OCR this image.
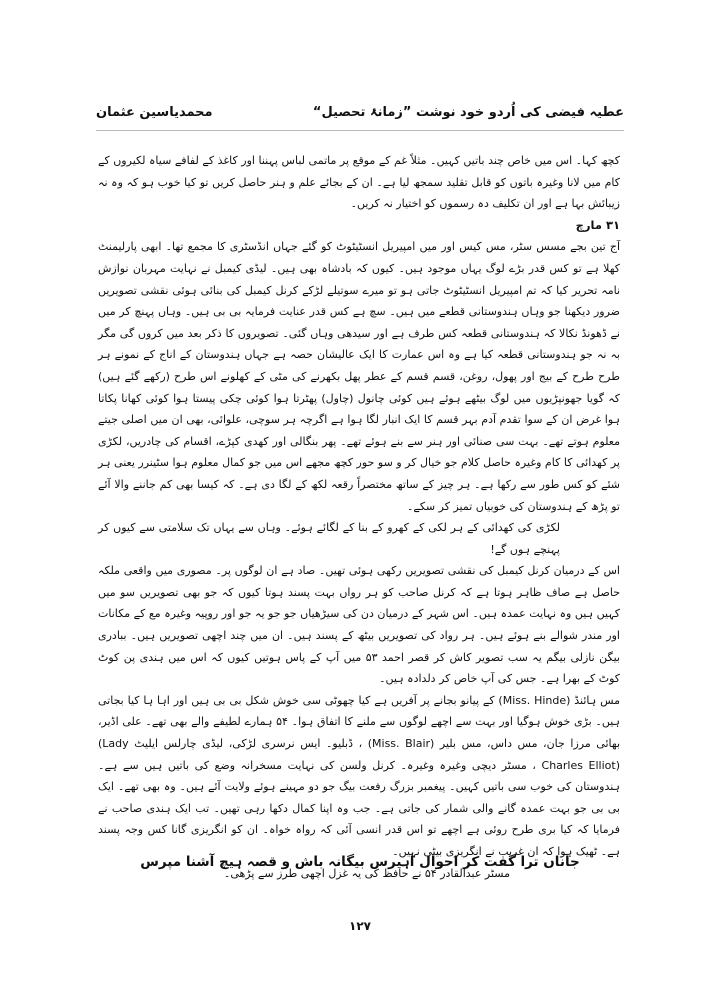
عطیہ فیضی کی اُردو خود نوشت ”زمانۂ تحصیل“
محمدیاسین عثمان

کچھ کہا۔ اس میں خاص چند باتیں کہیں۔ مثلاً غم کے موقع پر ماتمی لباس پہننا اور کاغذ کے لفافے سیاہ لکیروں کے کام میں لانا وغیرہ باتوں کو قابل تقلید سمجھ لیا ہے۔ ان کے بجائے علم و ہنر حاصل کریں تو کیا خوب ہو کہ وہ نہ زیبائش بہا ہے اور ان تکلیف دہ رسموں کو اختیار نہ کریں۔

۳۱ مارچ

آج تین بجے مسس سٹر، مس کیس اور میں امپیریل انسٹیٹوٹ کو گئے جہاں انڈسٹری کا مجمع تھا۔ ابھی پارلیمنٹ کھلا ہے تو کس قدر بڑے لوگ یہاں موجود ہیں۔ کیوں کہ بادشاہ بھی ہیں۔ لیڈی کیمبل نے نہایت مہربان نوازش نامہ تحریر کیا کہ تم امپیریل انسٹیٹوٹ جاتی ہو تو میرے سوتیلے لڑکے کرنل کیمبل کی بنائی ہوئی نقشی تصویریں ضرور دیکھنا جو وہاں ہندوستانی قطعے میں ہیں۔ سچ ہے کس قدر عنایت فرمایہ بی بی ہیں۔ وہاں پہنچ کر میں نے ڈھونڈ نکالا کہ ہندوستانی قطعہ کس طرف ہے اور سیدھی وہاں گئی۔ تصویروں کا ذکر بعد میں کروں گی مگر بہ نہ جو ہندوستانی قطعہ کیا ہے وہ اس عمارت کا ایک عالیشان حصہ ہے جہاں ہندوستان کے اناج کے نمونے ہر طرح طرح کے بیج اور پھول، روغن، قسم قسم کے عطر پھل بکھرنے کی مٹی کے کھلونے اس طرح (رکھے گئے ہیں) کہ گویا جھونپڑیوں میں لوگ بیٹھے ہوئے ہیں کوئی چانول (چاول) پھٹرتا ہوا کوئی چکی پیستا ہوا کوئی کھانا پکاتا ہوا غرض ان کے سوا تقدم آدم بہر قسم کا ایک انبار لگا ہوا ہے اگرچہ ہر سوچی، علوائی، بھی ان میں اصلی جیتے معلوم ہوتے تھے۔ بہت سی صنائی اور ہنر سے بنے ہوئے تھے۔ پھر بنگالی اور کھدی کپڑے، اقسام کی چادریں، لکڑی پر کھدائی کا کام وغیرہ حاصل کلام جو خیال کر و سو حور کچھ مجھے اس میں جو کمال معلوم ہوا سٹینرر یعنی ہر شئے کو کس طور سے رکھا ہے۔ ہر چیز کے ساتھ مختصراً رقعہ لکھ کے لگا دی ہے۔ کہ کیسا بھی کم جاننے والا آئے تو پڑھ کے ہندوستان کی خوبیاں تمیز کر سکے۔

لکڑی کی کھدائی کے ہر لکی کے کھرو کے بنا کے لگائے ہوئے۔ وہاں سے یہاں تک سلامتی سے کیوں کر پہنچے ہوں گے!

اس کے درمیان کرنل کیمبل کی نقشی تصویریں رکھی ہوئی تھیں۔ صاد ہے ان لوگوں پر۔ مصوری میں واقعی ملکہ حاصل ہے صاف ظاہر ہوتا ہے کہ کرنل صاحب کو ہر رواں بہت پسند ہوتا کیوں کہ جو بھی تصویریں سو میں کہیں ہیں وہ نہایت عمدہ ہیں۔ اس شہر کے درمیان دن کی سیڑھیاں جو جو یہ جو اور روپیہ وغیرہ مع کے مکانات اور مندر شوالے بنے ہوئے ہیں۔ ہر رواد کی تصویریں بیٹھ کے پسند ہیں۔ ان میں چند اچھی تصویریں ہیں۔ ببادری بیگن نازلی بیگم یہ سب تصویر کاش کر قصر احمد ۵۳ میں آپ کے پاس ہوتیں کیوں کہ اس میں ہندی پن کوٹ کوٹ کے بھرا ہے۔ جس کی آپ خاص کر دلدادہ ہیں۔

مس ہائنڈ (Miss. Hinde) کے پیانو بجانے پر آفریں ہے کیا چھوٹی سی خوش شکل بی بی ہیں اور اہا ہا کیا بجاتی ہیں۔ بڑی خوش ہوگیا اور بہت سے اچھے لوگوں سے ملنے کا اتفاق ہوا۔ ۵۴ ہمارے لطیفے والے بھی تھے۔ علی اڈیر، بھائی مرزا جان، مس داس، مس بلیر (Miss. Blair) ، ڈبلیو۔ ایس نرسری لڑکی، لیڈی چارلس ایلیٹ (Lady Charles Elliot) ، مسٹر دیچی وغیرہ وغیرہ۔ کرنل ولسن کی نہایت مسخرانہ وضع کی باتیں ہیں سے ہے۔ ہندوستان کی خوب سی باتیں کہیں۔ پیغمبر بزرگ رفعت بیگ جو دو مہینے ہوئے ولایت آئے ہیں۔ وہ بھی تھے۔ ایک بی بی جو بہت عمدہ گانے والی شمار کی جاتی ہے۔ جب وہ اپنا کمال دکھا رہی تھیں۔ تب ایک ہندی صاحب نے فرمایا کہ کیا بری طرح روئی ہے اچھے تو اس قدر انسی آئی کہ رواہ خواہ۔ ان کو انگریزی گانا کس وجہ پسند ہے۔ ٹھیک ہوا کہ ان غریب نے انگریزی بیٹی نہیں۔

مسٹر عبدالقادر ۵۴ نے حافظ کی یہ غزل اچھی طرز سے پڑھی۔

جاناں ترا گفت کر احوال اہیرس بیگانہ باش و قصہ ہیچ آشنا مپرس
۱۲۷
